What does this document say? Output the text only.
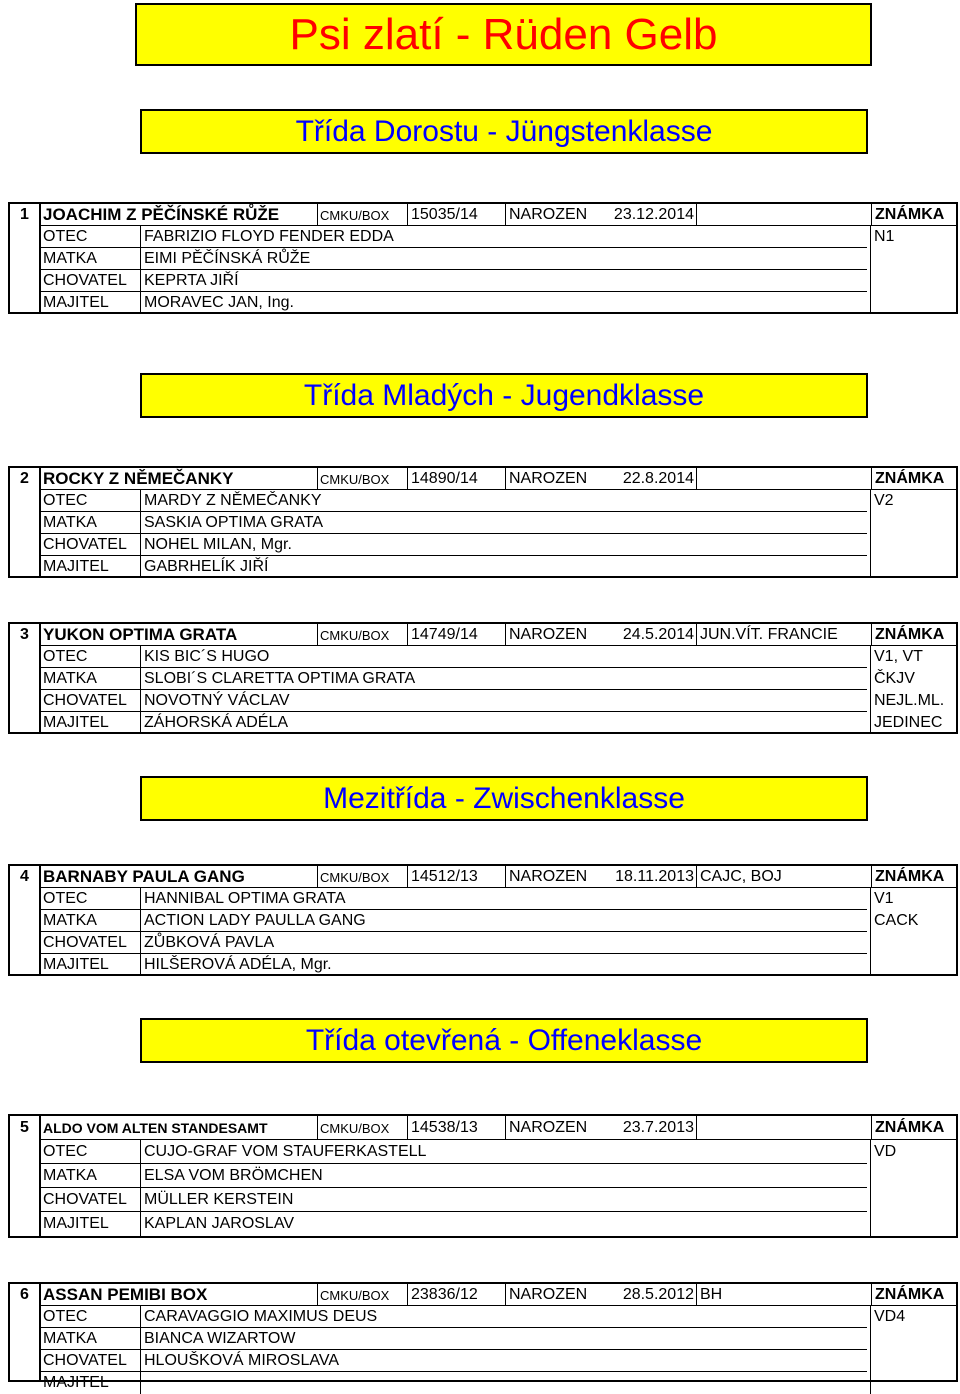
Psi zlatí - Rüden Gelb
Třída Dorostu - Jüngstenklasse
Třída Mladých - Jugendklasse
Mezitřída - Zwischenklasse
Třída otevřená - Offeneklasse
1 JOACHIM Z PĚČÍNSKÉ RŮŽE	CMKU/BOX	15035/14	NAROZEN	23.12.2014	ZNÁMKA
OTEC	FABRIZIO FLOYD FENDER EDDA	N1
MATKA	EIMI PĚČÍNSKÁ RŮŽE
CHOVATEL	KEPRTA JIŘÍ
MAJITEL	MORAVEC JAN, Ing.
2 ROCKY Z NĚMEČANKY	CMKU/BOX	14890/14	NAROZEN	22.8.2014	ZNÁMKA
OTEC	MARDY Z NĚMEČANKY	V2
MATKA	SASKIA OPTIMA GRATA
CHOVATEL	NOHEL MILAN, Mgr.
MAJITEL	GABRHELÍK JIŘÍ
3 YUKON OPTIMA GRATA	CMKU/BOX	14749/14	NAROZEN	24.5.2014 JUN.VÍT. FRANCIE	ZNÁMKA
OTEC	KIS BIC´S HUGO	V1, VT
MATKA	SLOBI´S CLARETTA OPTIMA GRATA	ČKJV
CHOVATEL	NOVOTNÝ VÁCLAV	NEJL.ML.
MAJITEL	ZÁHORSKÁ ADÉLA	JEDINEC
4 BARNABY PAULA GANG	CMKU/BOX	14512/13	NAROZEN	18.11.2013 CAJC, BOJ	ZNÁMKA
OTEC	HANNIBAL OPTIMA GRATA	V1
MATKA	ACTION LADY PAULLA GANG	CACK
CHOVATEL	ZŮBKOVÁ PAVLA
MAJITEL	HILŠEROVÁ ADÉLA, Mgr.
5	ALDO VOM ALTEN STANDESAMT	CMKU/BOX	14538/13	NAROZEN	23.7.2013	ZNÁMKA
OTEC	CUJO-GRAF VOM STAUFERKASTELL	VD
MATKA	ELSA VOM BRÖMCHEN
CHOVATEL	MÜLLER KERSTEIN
MAJITEL	KAPLAN JAROSLAV
6 ASSAN PEMIBI BOX	CMKU/BOX	23836/12	NAROZEN	28.5.2012 BH	ZNÁMKA
OTEC	CARAVAGGIO MAXIMUS DEUS	VD4
MATKA	BIANCA WIZARTOW
CHOVATEL	HLOUŠKOVÁ MIROSLAVA
MAJITEL
